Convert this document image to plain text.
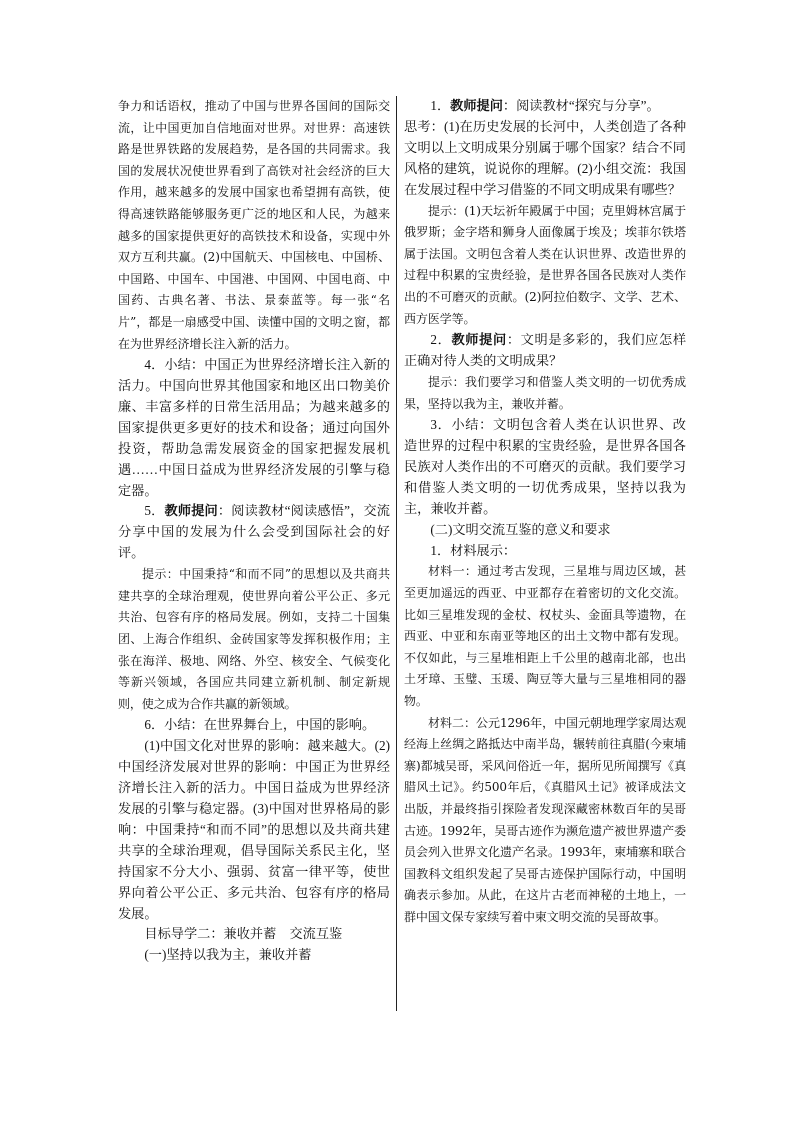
争力和话语权，推动了中国与世界各国间的国际交流，让中国更加自信地面对世界。对世界：高速铁路是世界铁路的发展趋势，是各国的共同需求。我国的发展状况使世界看到了高铁对社会经济的巨大作用，越来越多的发展中国家也希望拥有高铁，使得高速铁路能够服务更广泛的地区和人民，为越来越多的国家提供更好的高铁技术和设备，实现中外双方互利共赢。(2)中国航天、中国核电、中国桥、中国路、中国车、中国港、中国网、中国电商、中国药、古典名著、书法、景泰蓝等。每一张“名片”，都是一扇感受中国、读懂中国的文明之窗，都在为世界经济增长注入新的活力。

4．小结：中国正为世界经济增长注入新的活力。中国向世界其他国家和地区出口物美价廉、丰富多样的日常生活用品；为越来越多的国家提供更多更好的技术和设备；通过向国外投资，帮助急需发展资金的国家把握发展机遇……中国日益成为世界经济发展的引擎与稳定器。

5．教师提问：阅读教材“阅读感悟”，交流分享中国的发展为什么会受到国际社会的好评。

提示：中国秉持“和而不同”的思想以及共商共建共享的全球治理观，使世界向着公平公正、多元共治、包容有序的格局发展。例如，支持二十国集团、上海合作组织、金砖国家等发挥积极作用；主张在海洋、极地、网络、外空、核安全、气候变化等新兴领域，各国应共同建立新机制、制定新规则，使之成为合作共赢的新领域。

6．小结：在世界舞台上，中国的影响。

(1)中国文化对世界的影响：越来越大。(2)中国经济发展对世界的影响：中国正为世界经济增长注入新的活力。中国日益成为世界经济发展的引擎与稳定器。(3)中国对世界格局的影响：中国秉持“和而不同”的思想以及共商共建共享的全球治理观，倡导国际关系民主化，坚持国家不分大小、强弱、贫富一律平等，使世界向着公平公正、多元共治、包容有序的格局发展。

目标导学二：兼收并蓄　交流互鉴

(一)坚持以我为主，兼收并蓄

1．教师提问：阅读教材“探究与分享”。

思考：(1)在历史发展的长河中，人类创造了各种文明以上文明成果分别属于哪个国家？结合不同风格的建筑，说说你的理解。(2)小组交流：我国在发展过程中学习借鉴的不同文明成果有哪些？

提示：(1)天坛祈年殿属于中国；克里姆林宫属于俄罗斯；金字塔和狮身人面像属于埃及；埃菲尔铁塔属于法国。文明包含着人类在认识世界、改造世界的过程中积累的宝贵经验，是世界各国各民族对人类作出的不可磨灭的贡献。(2)阿拉伯数字、文学、艺术、西方医学等。

2．教师提问：文明是多彩的，我们应怎样正确对待人类的文明成果？

提示：我们要学习和借鉴人类文明的一切优秀成果，坚持以我为主，兼收并蓄。

3．小结：文明包含着人类在认识世界、改造世界的过程中积累的宝贵经验，是世界各国各民族对人类作出的不可磨灭的贡献。我们要学习和借鉴人类文明的一切优秀成果，坚持以我为主，兼收并蓄。

(二)文明交流互鉴的意义和要求

1．材料展示：

材料一：通过考古发现，三星堆与周边区域，甚至更加遥远的西亚、中亚都存在着密切的文化交流。比如三星堆发现的金杖、权杖头、金面具等遗物，在西亚、中亚和东南亚等地区的出土文物中都有发现。不仅如此，与三星堆相距上千公里的越南北部，也出土牙璋、玉璧、玉瑗、陶豆等大量与三星堆相同的器物。

材料二：公元1296年，中国元朝地理学家周达观经海上丝绸之路抵达中南半岛，辗转前往真腊(今柬埔寨)都城吴哥，采风问俗近一年，据所见所闻撰写《真腊风土记》。约500年后，《真腊风土记》被译成法文出版，并最终指引探险者发现深藏密林数百年的吴哥古迹。1992年，吴哥古迹作为濒危遗产被世界遗产委员会列入世界文化遗产名录。1993年，柬埔寨和联合国教科文组织发起了吴哥古迹保护国际行动，中国明确表示参加。从此，在这片古老而神秘的土地上，一群中国文保专家续写着中柬文明交流的吴哥故事。
